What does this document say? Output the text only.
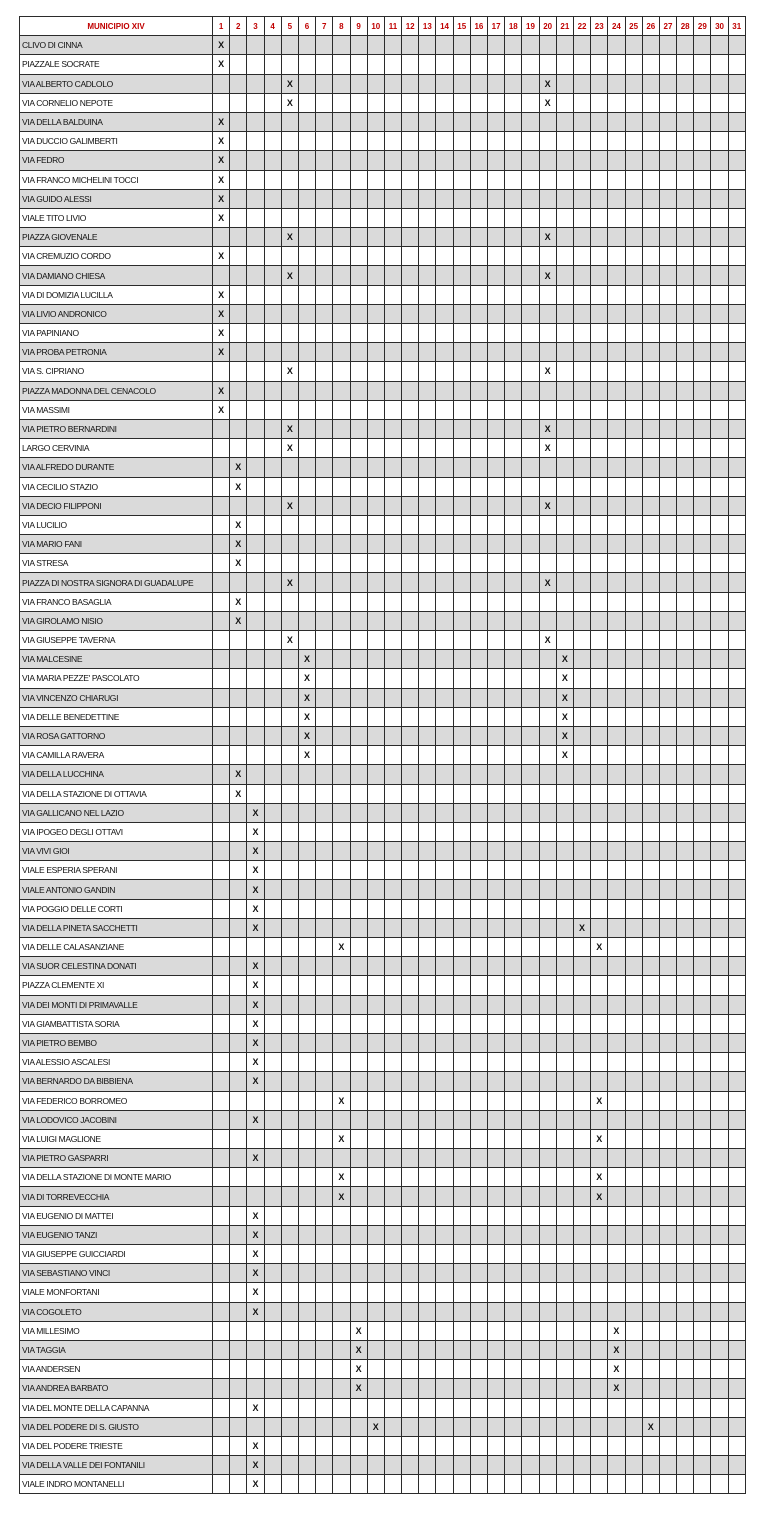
MUNICIPIO XIV	1	2	3	4	5	6	7	8	9	10	11	12	13	14	15	16	17	18	19	20	21	22	23	24	25	26	27	28	29	30	31
CLIVO DI CINNA	X																														
PIAZZALE SOCRATE	X																														
VIA ALBERTO CADLOLO					X															X											
VIA CORNELIO NEPOTE					X															X											
VIA DELLA BALDUINA	X																														
VIA DUCCIO GALIMBERTI	X																														
VIA FEDRO	X																														
VIA FRANCO MICHELINI TOCCI	X																														
VIA GUIDO ALESSI	X																														
VIALE TITO LIVIO	X																														
PIAZZA GIOVENALE					X															X											
VIA CREMUZIO CORDO	X																														
VIA DAMIANO CHIESA					X															X											
VIA DI DOMIZIA LUCILLA	X																														
VIA LIVIO ANDRONICO	X																														
VIA PAPINIANO	X																														
VIA PROBA PETRONIA	X																														
VIA S. CIPRIANO					X															X											
PIAZZA MADONNA DEL CENACOLO	X																														
VIA MASSIMI	X																														
VIA PIETRO BERNARDINI					X															X											
LARGO CERVINIA					X															X											
VIA ALFREDO DURANTE		X																													
VIA CECILIO STAZIO		X																													
VIA DECIO FILIPPONI					X															X											
VIA LUCILIO		X																													
VIA MARIO FANI		X																													
VIA STRESA		X																													
PIAZZA DI NOSTRA SIGNORA DI GUADALUPE					X															X											
VIA FRANCO BASAGLIA		X																													
VIA GIROLAMO NISIO		X																													
VIA GIUSEPPE TAVERNA					X															X											
VIA MALCESINE						X															X										
VIA MARIA PEZZE' PASCOLATO						X															X										
VIA VINCENZO CHIARUGI						X															X										
VIA DELLE BENEDETTINE						X															X										
VIA ROSA GATTORNO						X															X										
VIA CAMILLA RAVERA						X															X										
VIA DELLA LUCCHINA		X																													
VIA DELLA STAZIONE DI OTTAVIA		X																													
VIA GALLICANO NEL LAZIO			X																												
VIA IPOGEO DEGLI OTTAVI			X																												
VIA VIVI GIOI			X																												
VIALE ESPERIA SPERANI			X																												
VIALE ANTONIO GANDIN			X																												
VIA POGGIO DELLE CORTI			X																												
VIA DELLA PINETA SACCHETTI			X																			X									
VIA DELLE CALASANZIANE								X															X								
VIA SUOR CELESTINA DONATI			X																												
PIAZZA CLEMENTE XI			X																												
VIA DEI MONTI DI PRIMAVALLE			X																												
VIA GIAMBATTISTA SORIA			X																												
VIA PIETRO BEMBO			X																												
VIA ALESSIO ASCALESI			X																												
VIA BERNARDO DA BIBBIENA			X																												
VIA FEDERICO BORROMEO								X															X								
VIA LODOVICO JACOBINI			X																												
VIA LUIGI MAGLIONE								X															X								
VIA PIETRO GASPARRI			X																												
VIA DELLA STAZIONE DI MONTE MARIO								X															X								
VIA DI TORREVECCHIA								X															X								
VIA EUGENIO DI MATTEI			X																												
VIA EUGENIO TANZI			X																												
VIA GIUSEPPE GUICCIARDI			X																												
VIA SEBASTIANO VINCI			X																												
VIALE MONFORTANI			X																												
VIA COGOLETO			X																												
VIA MILLESIMO									X															X							
VIA TAGGIA									X															X							
VIA ANDERSEN									X															X							
VIA ANDREA BARBATO									X															X							
VIA DEL MONTE DELLA CAPANNA			X																												
VIA DEL PODERE DI S. GIUSTO										X																X					
VIA DEL PODERE TRIESTE			X																												
VIA DELLA VALLE DEI FONTANILI			X																												
VIALE INDRO MONTANELLI			X																												
